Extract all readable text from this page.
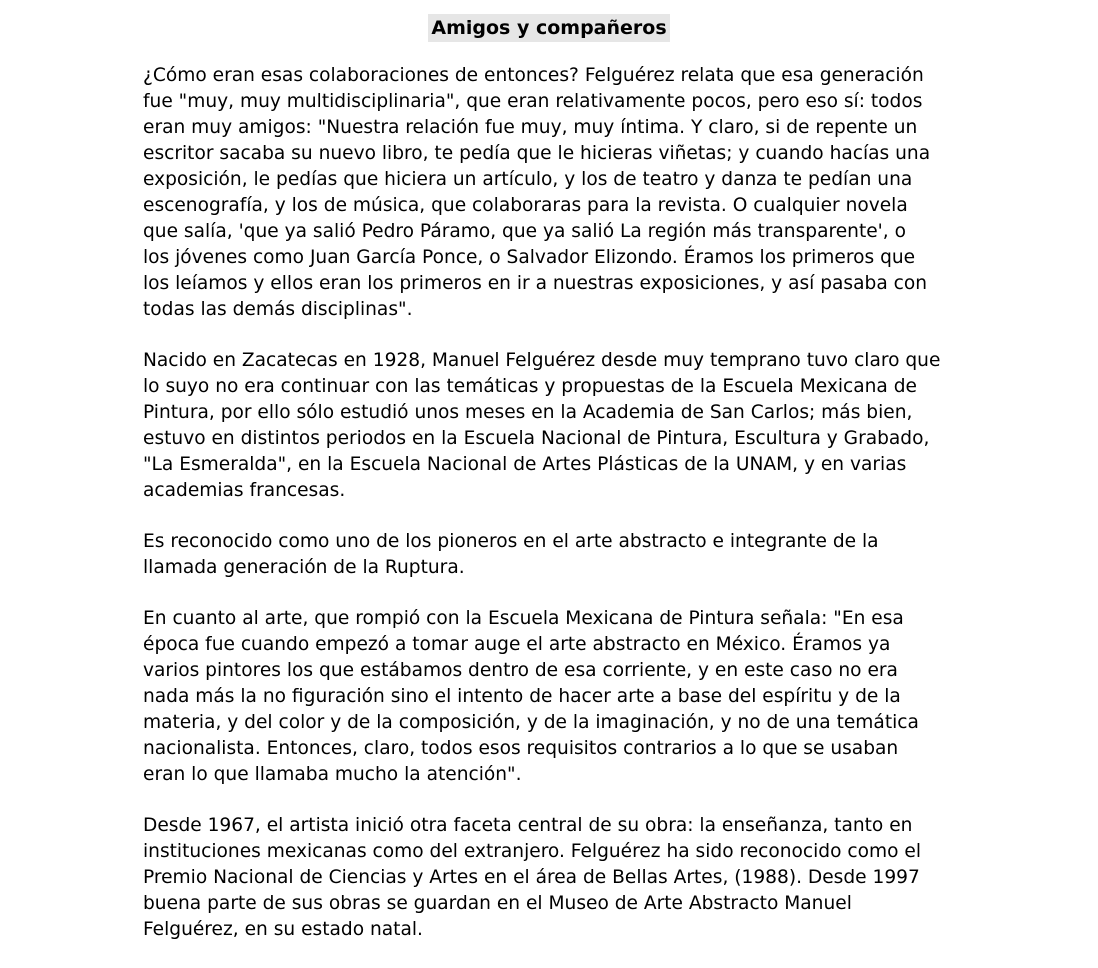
Amigos y compañeros

¿Cómo eran esas colaboraciones de entonces? Felguérez relata que esa generación
fue "muy, muy multidisciplinaria", que eran relativamente pocos, pero eso sí: todos
eran muy amigos: "Nuestra relación fue muy, muy íntima. Y claro, si de repente un
escritor sacaba su nuevo libro, te pedía que le hicieras viñetas; y cuando hacías una
exposición, le pedías que hiciera un artículo, y los de teatro y danza te pedían una
escenografía, y los de música, que colaboraras para la revista. O cualquier novela
que salía, 'que ya salió Pedro Páramo, que ya salió La región más transparente', o
los jóvenes como Juan García Ponce, o Salvador Elizondo. Éramos los primeros que
los leíamos y ellos eran los primeros en ir a nuestras exposiciones, y así pasaba con
todas las demás disciplinas".

Nacido en Zacatecas en 1928, Manuel Felguérez desde muy temprano tuvo claro que
lo suyo no era continuar con las temáticas y propuestas de la Escuela Mexicana de
Pintura, por ello sólo estudió unos meses en la Academia de San Carlos; más bien,
estuvo en distintos periodos en la Escuela Nacional de Pintura, Escultura y Grabado,
"La Esmeralda", en la Escuela Nacional de Artes Plásticas de la UNAM, y en varias
academias francesas.

Es reconocido como uno de los pioneros en el arte abstracto e integrante de la
llamada generación de la Ruptura.

En cuanto al arte, que rompió con la Escuela Mexicana de Pintura señala: "En esa
época fue cuando empezó a tomar auge el arte abstracto en México. Éramos ya
varios pintores los que estábamos dentro de esa corriente, y en este caso no era
nada más la no figuración sino el intento de hacer arte a base del espíritu y de la
materia, y del color y de la composición, y de la imaginación, y no de una temática
nacionalista. Entonces, claro, todos esos requisitos contrarios a lo que se usaban
eran lo que llamaba mucho la atención".

Desde 1967, el artista inició otra faceta central de su obra: la enseñanza, tanto en
instituciones mexicanas como del extranjero. Felguérez ha sido reconocido como el
Premio Nacional de Ciencias y Artes en el área de Bellas Artes, (1988). Desde 1997
buena parte de sus obras se guardan en el Museo de Arte Abstracto Manuel
Felguérez, en su estado natal.
